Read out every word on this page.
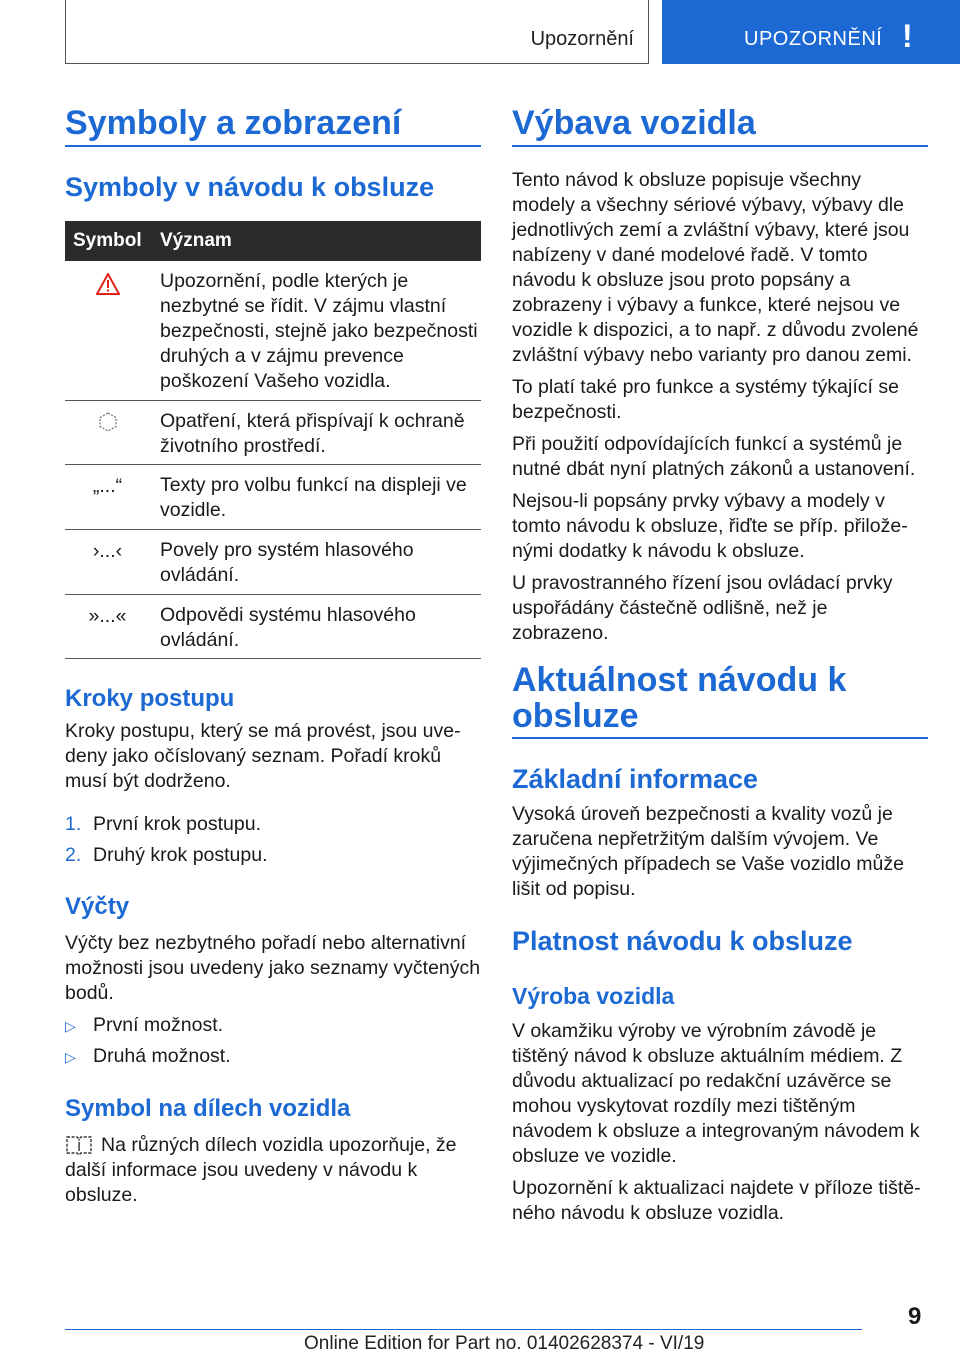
Upozornění	UPOZORNĚNÍ !
Symboly a zobrazení
Symboly v návodu k obsluze
Symbol Význam
Upozornění, podle kterých je nezbytné se řídit. V zájmu vlastní bezpečnosti, stejně jako bezpečnosti druhých a v zájmu prevence poškození Vašeho vozidla.
Opatření, která přispívají k ochraně životního prostředí.
„...“	Texty pro volbu funkcí na displeji ve vozidle.
›...‹	Povely pro systém hlasového ovládání.
»...«	Odpovědi systému hlasového ovládání.
Kroky postupu
Kroky postupu, který se má provést, jsou uvedeny jako očíslovaný seznam. Pořadí kroků musí být dodrženo.
1. První krok postupu.
2. Druhý krok postupu.
Výčty
Výčty bez nezbytného pořadí nebo alternativní možnosti jsou uvedeny jako seznamy vyčtených bodů.
▷ První možnost.
▷ Druhá možnost.
Symbol na dílech vozidla
Na různých dílech vozidla upozorňuje, že další informace jsou uvedeny v návodu k obsluze.
Výbava vozidla
Tento návod k obsluze popisuje všechny modely a všechny sériové výbavy, výbavy dle jednotlivých zemí a zvláštní výbavy, které jsou nabízeny v dané modelové řadě. V tomto návodu k obsluze jsou proto popsány a zobrazeny i výbavy a funkce, které nejsou ve vozidle k dispozici, a to např. z důvodu zvolené zvláštní výbavy nebo varianty pro danou zemi.
To platí také pro funkce a systémy týkající se bezpečnosti.
Při použití odpovídajících funkcí a systémů je nutné dbát nyní platných zákonů a ustanovení.
Nejsou-li popsány prvky výbavy a modely v tomto návodu k obsluze, řiďte se příp. přiloženými dodatky k návodu k obsluze.
U pravostranného řízení jsou ovládací prvky uspořádány částečně odlišně, než je zobrazeno.
Aktuálnost návodu k obsluze
Základní informace
Vysoká úroveň bezpečnosti a kvality vozů je zaručena nepřetržitým dalším vývojem. Ve výjimečných případech se Vaše vozidlo může lišit od popisu.
Platnost návodu k obsluze
Výroba vozidla
V okamžiku výroby ve výrobním závodě je tištěný návod k obsluze aktuálním médiem. Z důvodu aktualizací po redakční uzávěrce se mohou vyskytovat rozdíly mezi tištěným návodem k obsluze a integrovaným návodem k obsluze ve vozidle.
Upozornění k aktualizaci najdete v příloze tištěného návodu k obsluze vozidla.
9
Online Edition for Part no. 01402628374 - VI/19
